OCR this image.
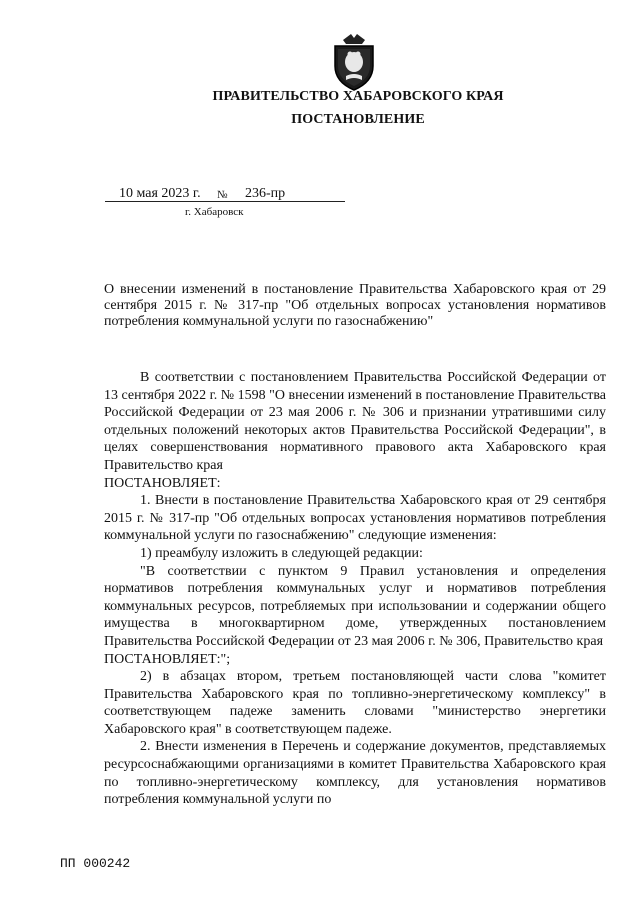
ПРАВИТЕЛЬСТВО ХАБАРОВСКОГО КРАЯ
ПОСТАНОВЛЕНИЕ
10 мая 2023 г. № 236-пр
г. Хабаровск
О внесении изменений в постановление Правительства Хабаровского края от 29 сентября 2015 г. № 317-пр "Об отдельных вопросах установления нормативов потребления коммунальной услуги по газоснабжению"

В соответствии с постановлением Правительства Российской Федерации от 13 сентября 2022 г. № 1598 "О внесении изменений в постановление Правительства Российской Федерации от 23 мая 2006 г. № 306 и признании утратившими силу отдельных положений некоторых актов Правительства Российской Федерации", в целях совершенствования нормативного правового акта Хабаровского края Правительство края

ПОСТАНОВЛЯЕТ:

1. Внести в постановление Правительства Хабаровского края от 29 сентября 2015 г. № 317-пр "Об отдельных вопросах установления нормативов потребления коммунальной услуги по газоснабжению" следующие изменения:

1) преамбулу изложить в следующей редакции:

"В соответствии с пунктом 9 Правил установления и определения нормативов потребления коммунальных услуг и нормативов потребления коммунальных ресурсов, потребляемых при использовании и содержании общего имущества в многоквартирном доме, утвержденных постановлением Правительства Российской Федерации от 23 мая 2006 г. № 306, Правительство края

ПОСТАНОВЛЯЕТ:";

2) в абзацах втором, третьем постановляющей части слова "комитет Правительства Хабаровского края по топливно-энергетическому комплексу" в соответствующем падеже заменить словами "министерство энергетики Хабаровского края" в соответствующем падеже.

2. Внести изменения в Перечень и содержание документов, представляемых ресурсоснабжающими организациями в комитет Правительства Хабаровского края по топливно-энергетическому комплексу, для установления нормативов потребления коммунальной услуги по

ПП 000242
